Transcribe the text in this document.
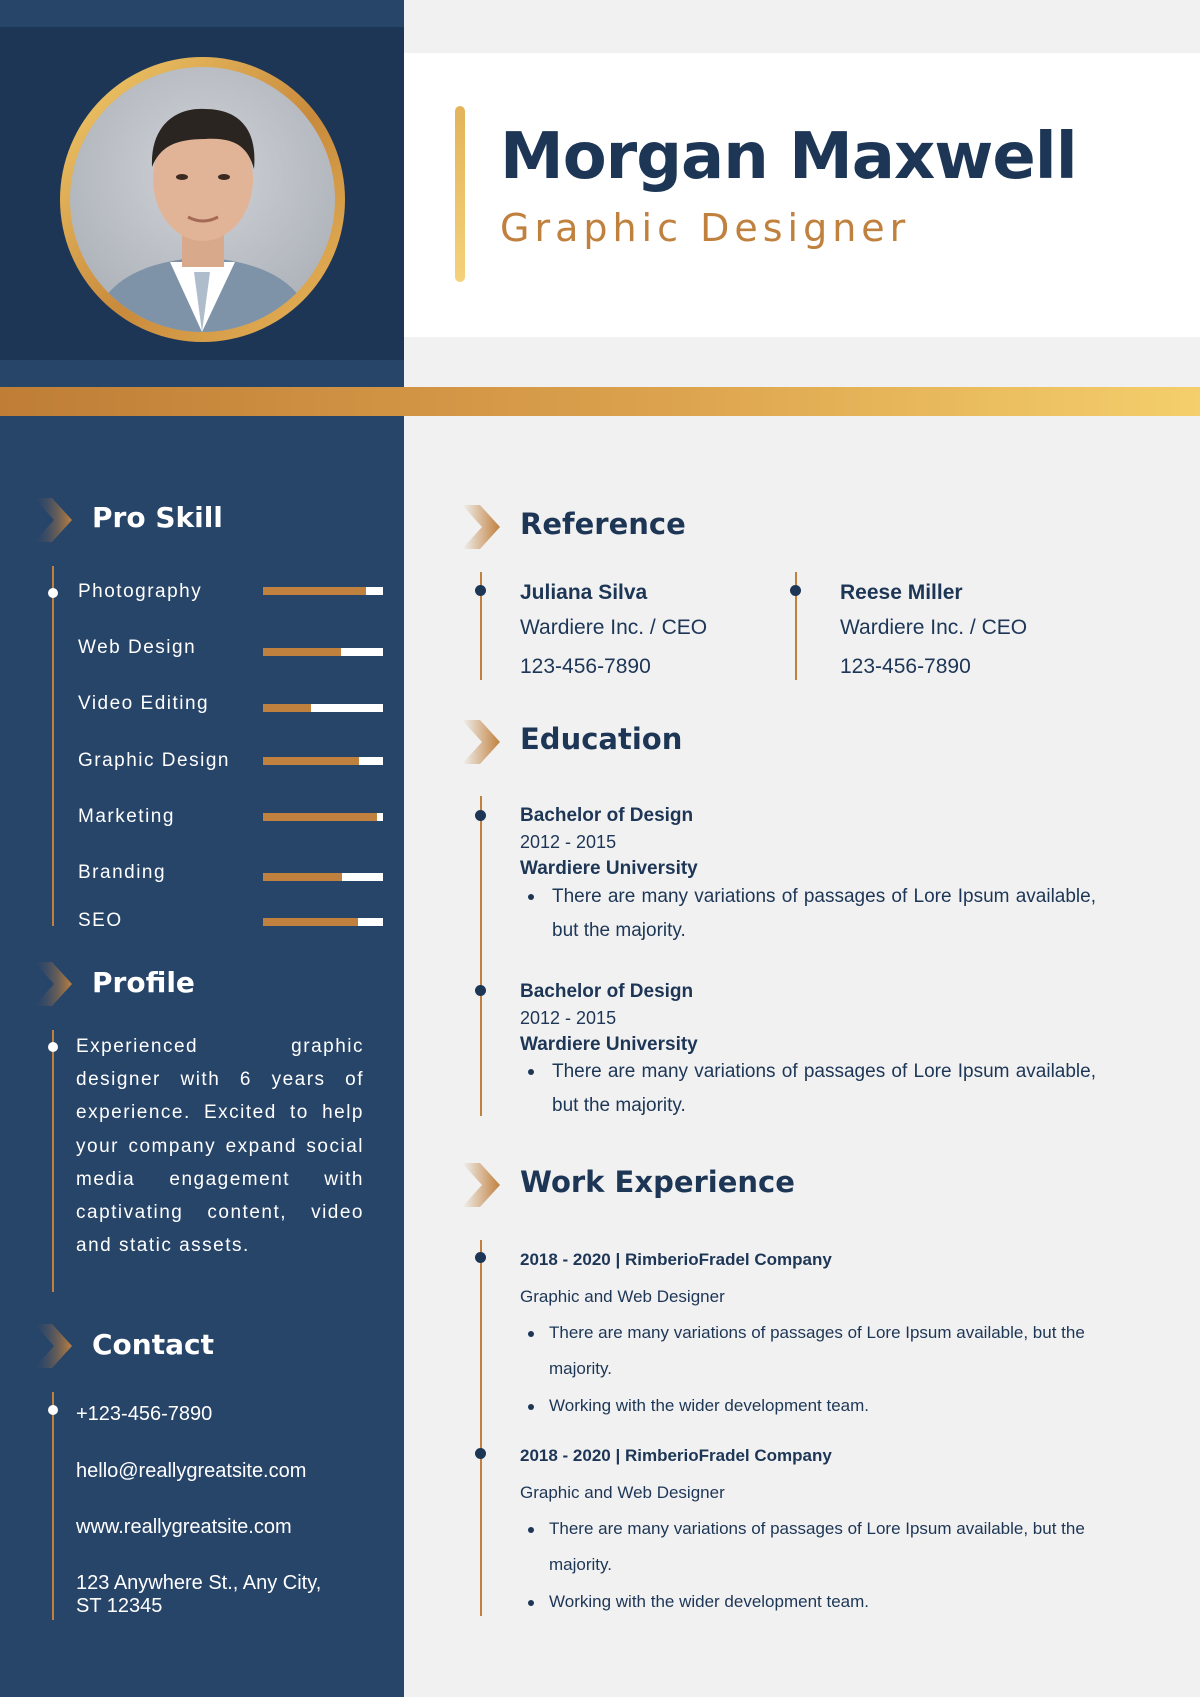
Morgan Maxwell
Graphic Designer
Pro Skill
Photography
Web Design
Video Editing
Graphic Design
Marketing
Branding
SEO
Profile

Experienced graphic designer with 6 years of experience. Excited to help your company expand social media engagement with captivating content, video and static assets.

Contact
+123-456-7890
hello@reallygreatsite.com
www.reallygreatsite.com
123 Anywhere St., Any City,
ST 12345
Reference
Juliana Silva
Wardiere Inc. / CEO
123-456-7890
Reese Miller
Wardiere Inc. / CEO
123-456-7890
Education
Bachelor of Design
2012 - 2015
Wardiere University
There are many variations of passages of Lore Ipsum available, but the majority.
Bachelor of Design
2012 - 2015
Wardiere University
There are many variations of passages of Lore Ipsum available, but the majority.
Work Experience
2018 - 2020 | RimberioFradel Company
Graphic and Web Designer
There are many variations of passages of Lore Ipsum available, but the majority.
Working with the wider development team.
2018 - 2020 | RimberioFradel Company
Graphic and Web Designer
There are many variations of passages of Lore Ipsum available, but the majority.
Working with the wider development team.
